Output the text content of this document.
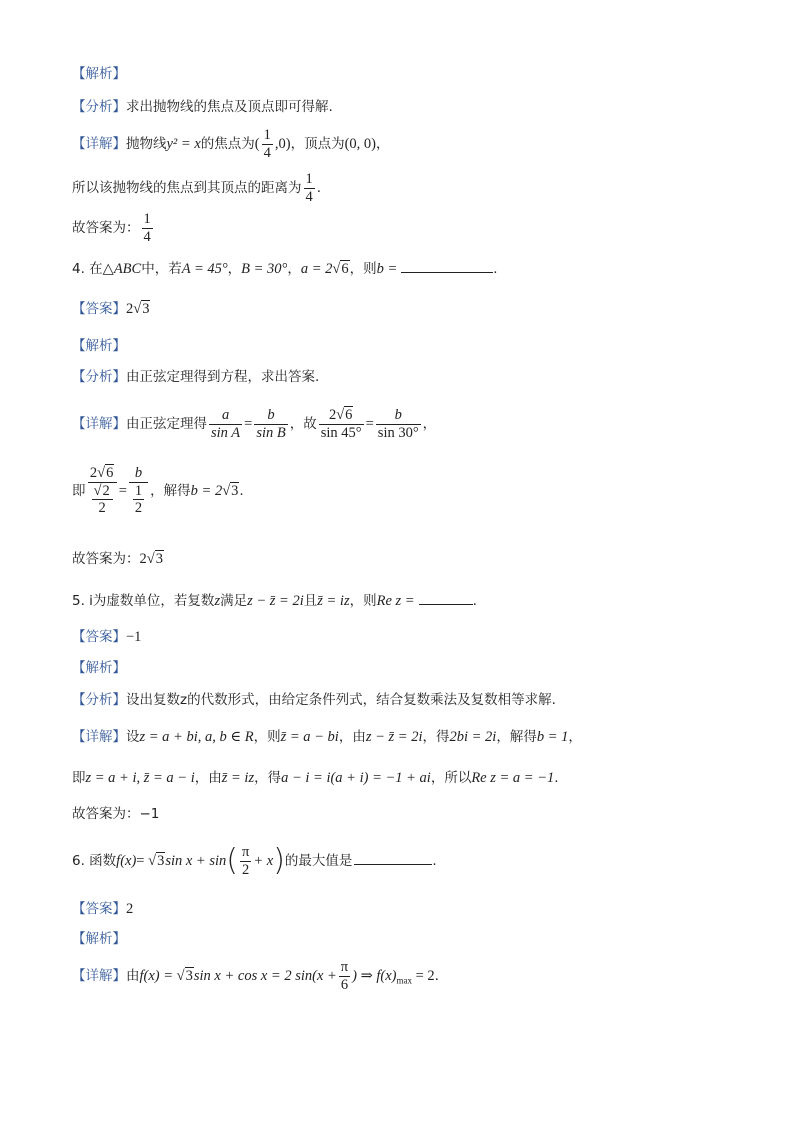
【解析】
【分析】求出抛物线的焦点及顶点即可得解.
【详解】抛物线y² = x的焦点为( $\frac{1}{4} ,0$)，顶点为(0, 0)，
所以该抛物线的焦点到其顶点的距离为 $\frac{1}{4}$ .
故答案为： $\frac{1}{4}$
4. 在△ABC中，若A = 45°，B = 30°，a = 2√6，则b =	.
【答案】2√3
【解析】
【分析】由正弦定理得到方程，求出答案.
【详解】由正弦定理得 $\frac{a}{\text{sin A}} = \frac{b}{\text{sin B}}$ ，故 $\frac{2√6}{\sin 45^\circ} = \frac{b}{\sin 30^\circ}$ ，
即 $\frac{2√6}{\frac{√2}{2}} = \frac{b}{\frac{1}{2}}$ ，解得b = 2√3.
故答案为：2√3
5. i为虚数单位，若复数z满足z − z̄ = 2i且z̄ = iz，则Re z =	.
【答案】−1
【解析】
【分析】设出复数z的代数形式，由给定条件列式，结合复数乘法及复数相等求解.
【详解】设z = a + bi, a, b ∈ R，则z̄ = a − bi，由z − z̄ = 2i，得2bi = 2i，解得b = 1，
即z = a + i, z̄ = a − i，由z̄ = iz，得a − i = i(a + i) = −1 + ai，所以Re z = a = −1.
故答案为：−1
6. 函数f(x)= √3sin $x + \sin( \frac{\pi}{2} + x)$的最大值是	.
【答案】2
【解析】
【详解】由f(x) = √3sin x + cos x = 2 $\sin(x + \frac{\pi}{6}$ ) ⇒ $f(x)_{max} = 2$.
